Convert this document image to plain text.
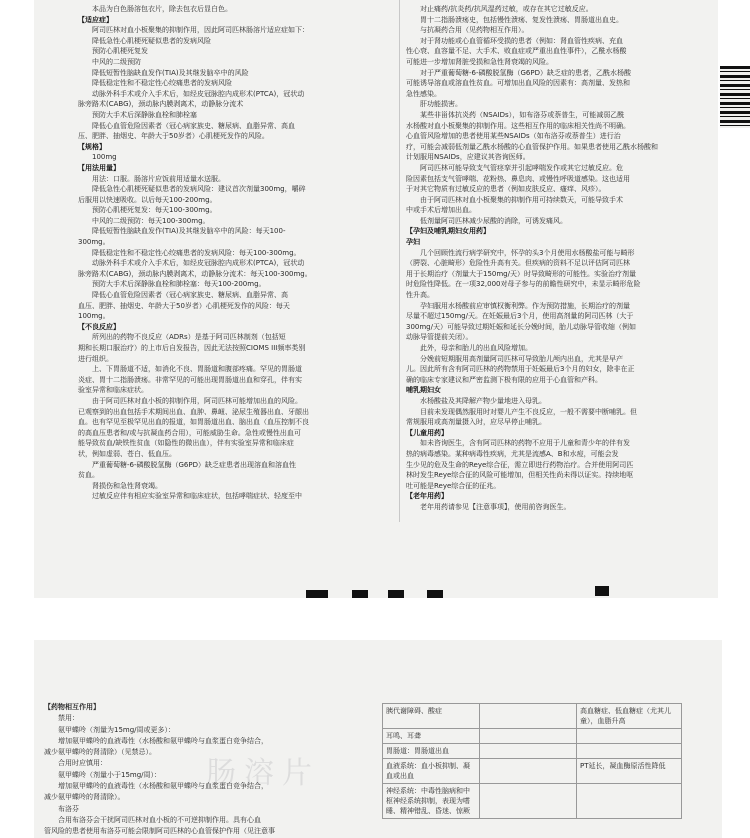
本品为白色肠溶包衣片，除去包衣后显白色。

【适应症】

阿司匹林对血小板聚集的抑制作用，因此阿司匹林肠溶片适应症如下：

降低急性心肌梗死疑似患者的发病风险

预防心肌梗死复发

中风的二级预防

降低短暂性脑缺血发作(TIA)及其继发脑卒中的风险

降低稳定性和不稳定性心绞痛患者的发病风险

动脉外科手术或介入手术后，如经皮冠脉腔内成形术(PTCA)，冠状动

脉旁路术(CABG)，颈动脉内膜剥离术，动静脉分流术

预防大手术后深静脉血栓和肺栓塞

降低心血管危险因素者（冠心病家族史、糖尿病、血脂异常、高血

压、肥胖、抽烟史、年龄大于50岁者）心肌梗死发作的风险。

【规格】

100mg

【用法用量】

用法：口服。肠溶片应饭前用适量水送服。

降低急性心肌梗死疑似患者的发病风险：建议首次剂量300mg，嚼碎

后服用以快速吸收。以后每天100-200mg。

预防心肌梗死复发：每天100-300mg。

中风的二级预防：每天100-300mg。

降低短暂性脑缺血发作(TIA)及其继发脑卒中的风险：每天100-

300mg。

降低稳定性和不稳定性心绞痛患者的发病风险：每天100-300mg。

动脉外科手术或介入手术后，如经皮冠脉腔内成形术(PTCA)，冠状动

脉旁路术(CABG)，颈动脉内膜剥离术，动静脉分流术：每天100-300mg。

预防大手术后深静脉血栓和肺栓塞：每天100-200mg。

降低心血管危险因素者（冠心病家族史、糖尿病、血脂异常、高

血压、肥胖、抽烟史、年龄大于50岁者）心肌梗死发作的风险：每天

100mg。

【不良反应】

所列出的药物不良反应（ADRs）是基于阿司匹林制剂（包括短

期和长期口服治疗）的上市后自发报告，因此无法按照CIOMS III频率类别

进行组织。

上、下胃肠道不适，如消化不良、胃肠道和腹部疼痛。罕见的胃肠道

炎症、胃十二指肠溃疡。非常罕见的可能出现胃肠道出血和穿孔，伴有实

验室异常和临床症状。

由于阿司匹林对血小板的抑制作用，阿司匹林可能增加出血的风险。

已观察到的出血包括手术期间出血、血肿、鼻衄、泌尿生殖器出血、牙龈出

血。也有罕见至极罕见出血的报道，如胃肠道出血、脑出血（血压控制不良

的高血压患者和/或与抗凝血药合用），可能威胁生命。急性或慢性出血可

能导致贫血/缺铁性贫血（如隐性的微出血），伴有实验室异常和临床症

状，例如虚弱、苍白、低血压。

严重葡萄糖-6-磷酸脱氢酶（G6PD）缺乏症患者出现溶血和溶血性

贫血。

肾损伤和急性肾衰竭。

过敏反应伴有相应实验室异常和临床症状，包括哮喘症状、轻度至中

对止痛药/抗炎药/抗风湿药过敏，或存在其它过敏反应。

胃十二指肠溃疡史，包括慢性溃疡、复发性溃疡、胃肠道出血史。

与抗凝药合用（见药物相互作用）。

对于肾功能或心血管循环受损的患者（例如：肾血管性疾病、充血

性心衰、血容量不足、大手术、败血症或严重出血性事件），乙酰水杨酸

可能进一步增加肾脏受损和急性肾衰竭的风险。

对于严重葡萄糖-6-磷酸脱氢酶（G6PD）缺乏症的患者，乙酰水杨酸

可能诱导溶血或溶血性贫血。可增加出血风险的因素有：高剂量、发热和

急性感染。

肝功能损害。

某些非甾体抗炎药（NSAIDs），如布洛芬或萘普生，可能减弱乙酰

水杨酸对血小板聚集的抑制作用。这些相互作用的临床相关性尚不明确。

心血管风险增加的患者使用某些NSAIDs（如布洛芬或萘普生）进行治

疗，可能会减弱低剂量乙酰水杨酸的心血管保护作用。如果患者使用乙酰水杨酸和

计划服用NSAIDs，应建议其咨询医师。

阿司匹林可能导致支气管痉挛并引起哮喘发作或其它过敏反应。危

险因素包括支气管哮喘、花粉热、鼻息肉、或慢性呼吸道感染。这也适用

于对其它物质有过敏反应的患者（例如皮肤反应、瘙痒、风疹）。

由于阿司匹林对血小板聚集的抑制作用可持续数天，可能导致手术

中或手术后增加出血。

低剂量阿司匹林减少尿酸的消除，可诱发痛风。

【孕妇及哺乳期妇女用药】

孕妇

几个回顾性流行病学研究中，怀孕的头3个月使用水杨酸盐可能与畸形

（腭裂、心脏畸形）危险性升高有关。但疾病的资料不足以评估阿司匹林

用于长期治疗（剂量大于150mg/天）时导致畸形的可能性。实验治疗剂量

时危险性降低。在一项32,000对母子参与的前瞻性研究中，未显示畸形危险

性升高。

孕妇服用水杨酸前应审慎权衡利弊。作为预防措施，长期治疗的剂量

尽量不超过150mg/天。在妊娠最后3个月，使用高剂量的阿司匹林（大于

300mg/天）可能导致过期妊娠和延长分娩时间，胎儿动脉导管收缩（例如

动脉导管提前关闭）。

此外，母亲和胎儿的出血风险增加。

分娩前短期服用高剂量阿司匹林可导致胎儿颅内出血，尤其是早产

儿。因此所有含有阿司匹林的药物禁用于妊娠最后3个月的妇女，除非在正

确的临床专家建议和严密监测下极有限的应用于心血管和产科。

哺乳期妇女

水杨酸盐及其降解产物少量地进入母乳。

目前未发现偶然服用时对婴儿产生不良反应，一般不需要中断哺乳。但

常规服用或高剂量摄入时，应尽早停止哺乳。

【儿童用药】

如未咨询医生，含有阿司匹林的药物不应用于儿童和青少年的伴有发

热的病毒感染。某种病毒性疾病，尤其是流感A、B和水痘，可能会发

生少见的危及生命的Reye综合征，需立即进行药物治疗。合并使用阿司匹

林时发生Reye综合征的风险可能增加，但相关性尚未得以证实。持续地呕

吐可能是Reye综合征的征兆。

【老年用药】

老年用药请参见【注意事项】，使用前咨询医生。

肠溶片

【药物相互作用】

禁用：

氨甲蝶呤（剂量为15mg/周或更多）：

增加氨甲蝶呤的血液毒性（水杨酸和氨甲蝶呤与血浆蛋白竞争结合，

减少氨甲蝶呤的肾清除）（见禁忌）。

合用时应慎用：

氨甲蝶呤（剂量小于15mg/周）：

增加氨甲蝶呤的血液毒性（水杨酸和氨甲蝶呤与血浆蛋白竞争结合，

减少氨甲蝶呤的肾清除）。

布洛芬

合用布洛芬会干扰阿司匹林对血小板的不可逆抑制作用。具有心血

管风险的患者使用布洛芬可能会限制阿司匹林的心血管保护作用（见注意事

胰代谢障碍、酸症		高血糖症、低血糖症（尤其儿童），血脂升高
耳鸣、耳聋		
胃肠道：胃肠道出血		
血液系统：血小板抑制、凝血或出血		PT延长，凝血酶原活性降低
神经系统：中毒性脑病和中枢神经系统抑制，表现为嗜睡、精神错乱、昏迷、惊厥		
